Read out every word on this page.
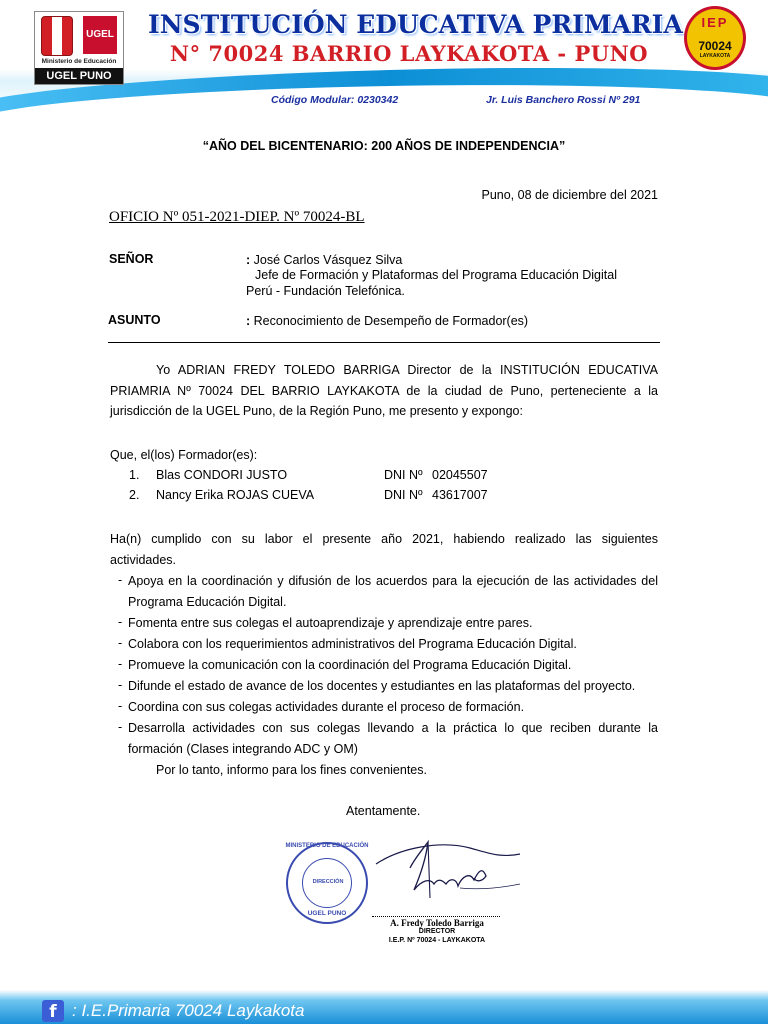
UGEL
Ministerio de Educación
UGEL PUNO
INSTITUCIÓN EDUCATIVA PRIMARIA
N° 70024 BARRIO LAYKAKOTA - PUNO
IEP
70024
LAYKAKOTA
Código Modular: 0230342	Jr. Luis Banchero Rossi Nº 291
“AÑO DEL BICENTENARIO: 200 AÑOS DE INDEPENDENCIA”
Puno, 08 de diciembre del 2021
OFICIO Nº 051-2021-DIEP. Nº 70024-BL
SEÑOR	: José Carlos Vásquez Silva
Jefe de Formación y Plataformas del Programa Educación Digital
Perú - Fundación Telefónica.
ASUNTO	: Reconocimiento de Desempeño de Formador(es)
Yo ADRIAN FREDY TOLEDO BARRIGA Director de la INSTITUCIÓN EDUCATIVA
PRIAMRIA Nº 70024 DEL BARRIO LAYKAKOTA de la ciudad de Puno, perteneciente a la
jurisdicción de la UGEL Puno, de la Región Puno, me presento y expongo:
Que, el(los) Formador(es):
1. Blas CONDORI JUSTO	DNI Nº 02045507
2. Nancy Erika ROJAS CUEVA	DNI Nº 43617007
Ha(n) cumplido con su labor el presente año 2021, habiendo realizado las siguientes
actividades.
- Apoya en la coordinación y difusión de los acuerdos para la ejecución de las actividades del
Programa Educación Digital.
- Fomenta entre sus colegas el autoaprendizaje y aprendizaje entre pares.
- Colabora con los requerimientos administrativos del Programa Educación Digital.
- Promueve la comunicación con la coordinación del Programa Educación Digital.
- Difunde el estado de avance de los docentes y estudiantes en las plataformas del proyecto.
- Coordina con sus colegas actividades durante el proceso de formación.
- Desarrolla actividades con sus colegas llevando a la práctica lo que reciben durante la
formación (Clases integrando ADC y OM)
Por lo tanto, informo para los fines convenientes.
Atentamente.
MINISTERIO DE EDUCACIÓN
DIRECCIÓN
UGEL PUNO
A. Fredy Toledo Barriga
DIRECTOR
I.E.P. Nº 70024 - LAYKAKOTA
f : I.E.Primaria 70024 Laykakota
